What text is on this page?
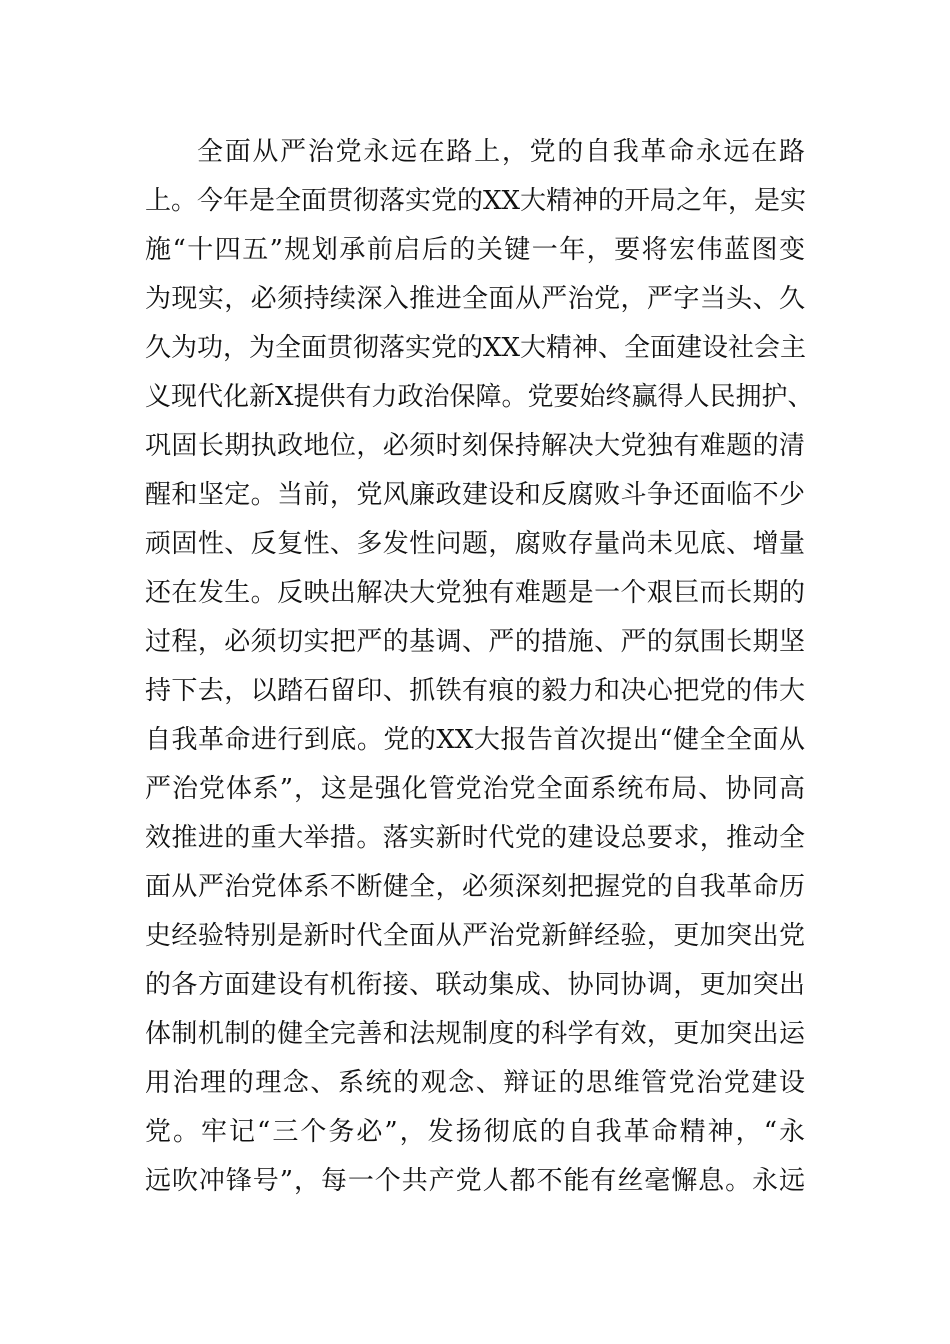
全面从严治党永远在路上，党的自我革命永远在路
上。今年是全面贯彻落实党的XX大精神的开局之年，是实
施“十四五”规划承前启后的关键一年，要将宏伟蓝图变
为现实，必须持续深入推进全面从严治党，严字当头、久
久为功，为全面贯彻落实党的XX大精神、全面建设社会主
义现代化新X提供有力政治保障。党要始终赢得人民拥护、
巩固长期执政地位，必须时刻保持解决大党独有难题的清
醒和坚定。当前，党风廉政建设和反腐败斗争还面临不少
顽固性、反复性、多发性问题，腐败存量尚未见底、增量
还在发生。反映出解决大党独有难题是一个艰巨而长期的
过程，必须切实把严的基调、严的措施、严的氛围长期坚
持下去，以踏石留印、抓铁有痕的毅力和决心把党的伟大
自我革命进行到底。党的XX大报告首次提出“健全全面从
严治党体系”，这是强化管党治党全面系统布局、协同高
效推进的重大举措。落实新时代党的建设总要求，推动全
面从严治党体系不断健全，必须深刻把握党的自我革命历
史经验特别是新时代全面从严治党新鲜经验，更加突出党
的各方面建设有机衔接、联动集成、协同协调，更加突出
体制机制的健全完善和法规制度的科学有效，更加突出运
用治理的理念、系统的观念、辩证的思维管党治党建设
党。牢记“三个务必”，发扬彻底的自我革命精神，“永
远吹冲锋号”，每一个共产党人都不能有丝毫懈息。永远
